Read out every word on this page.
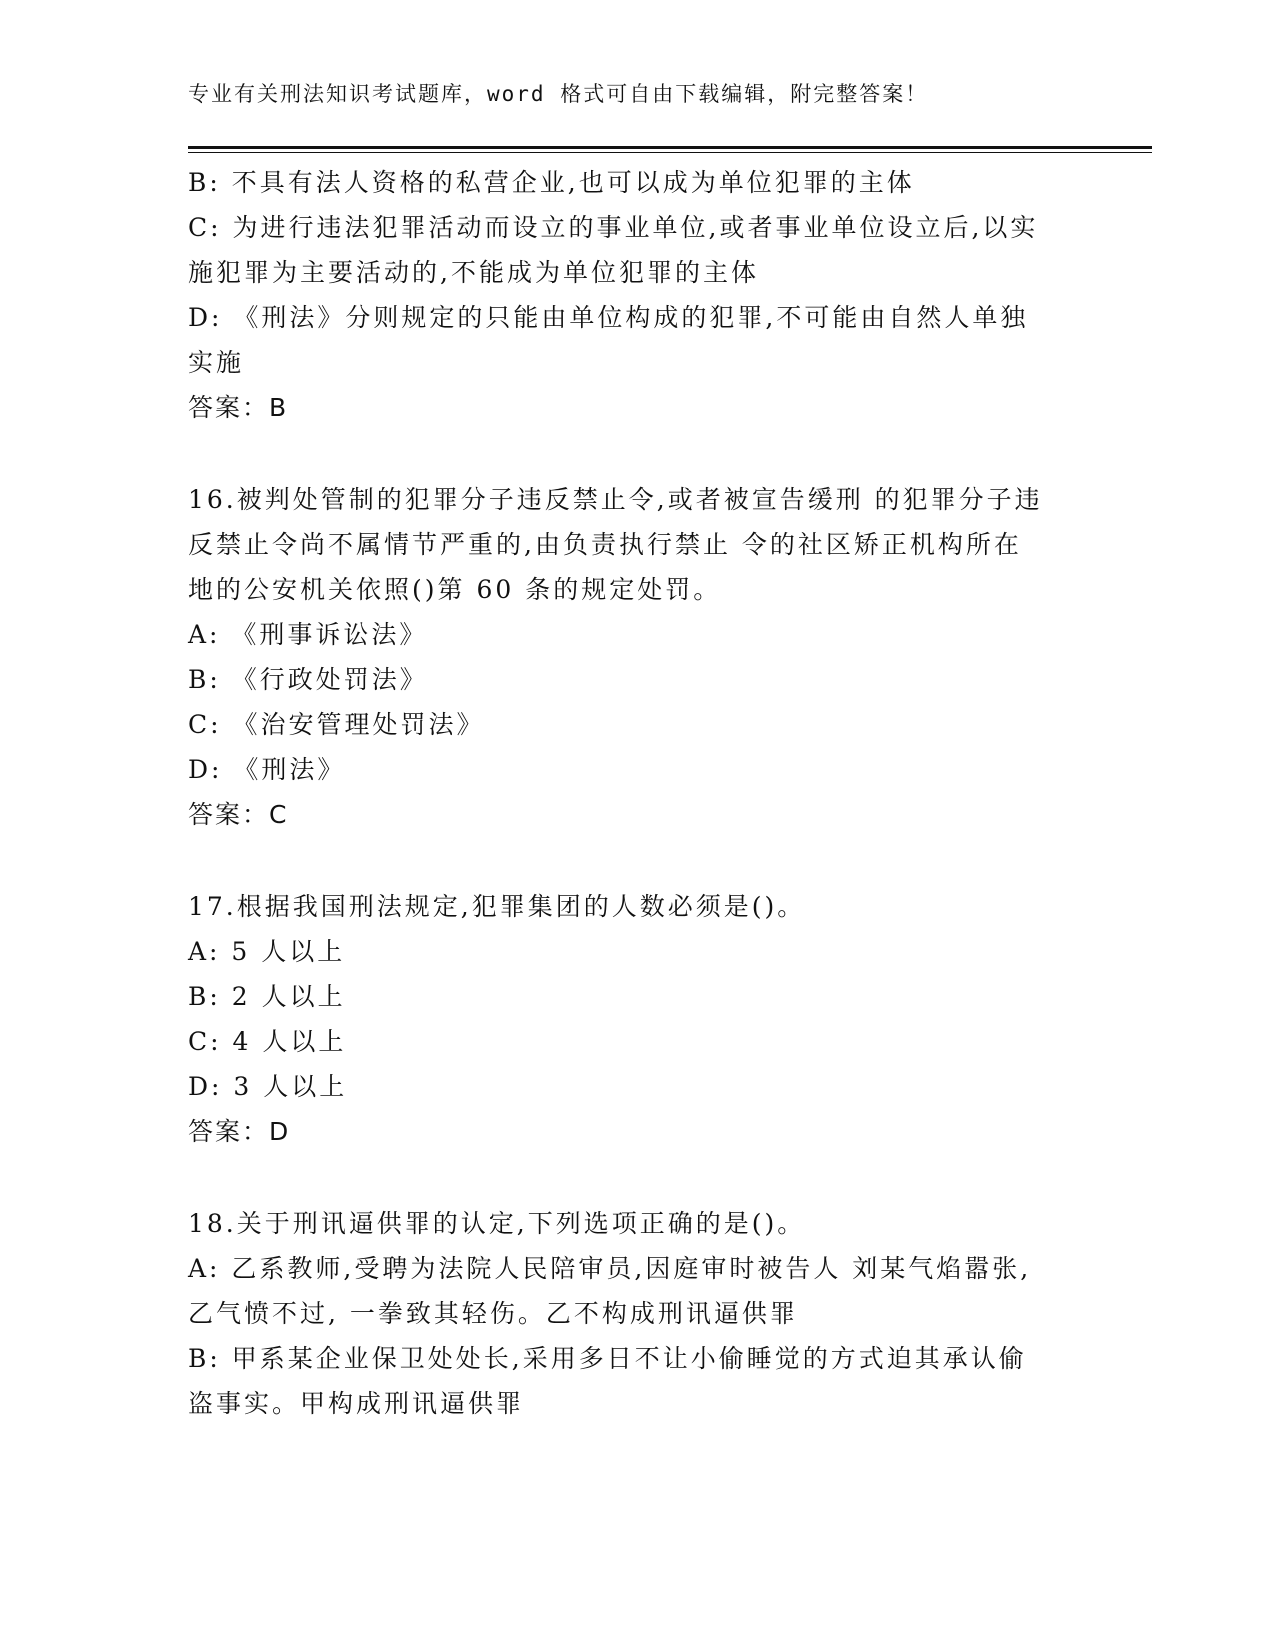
专业有关刑法知识考试题库，word 格式可自由下载编辑，附完整答案！
B: 不具有法人资格的私营企业,也可以成为单位犯罪的主体
C: 为进行违法犯罪活动而设立的事业单位,或者事业单位设立后,以实
施犯罪为主要活动的,不能成为单位犯罪的主体
D: 《刑法》分则规定的只能由单位构成的犯罪,不可能由自然人单独
实施
答案：B
16.被判处管制的犯罪分子违反禁止令,或者被宣告缓刑 的犯罪分子违
反禁止令尚不属情节严重的,由负责执行禁止 令的社区矫正机构所在
地的公安机关依照()第 60 条的规定处罚。
A: 《刑事诉讼法》
B: 《行政处罚法》
C: 《治安管理处罚法》
D: 《刑法》
答案：C
17.根据我国刑法规定,犯罪集团的人数必须是()。
A: 5 人以上
B: 2 人以上
C: 4 人以上
D: 3 人以上
答案：D
18.关于刑讯逼供罪的认定,下列选项正确的是()。
A: 乙系教师,受聘为法院人民陪审员,因庭审时被告人 刘某气焰嚣张,
乙气愤不过, 一拳致其轻伤。乙不构成刑讯逼供罪
B: 甲系某企业保卫处处长,采用多日不让小偷睡觉的方式迫其承认偷
盗事实。甲构成刑讯逼供罪
